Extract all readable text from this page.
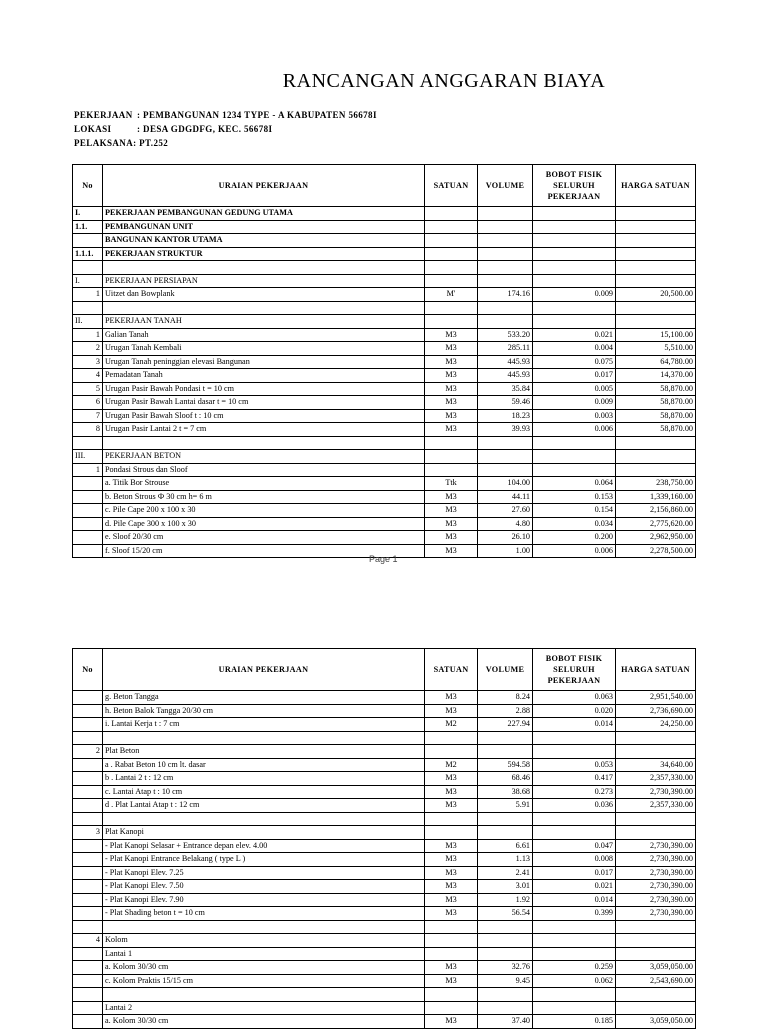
RANCANGAN ANGGARAN BIAYA
PEKERJAAN : PEMBANGUNAN 1234 TYPE - A KABUPATEN 56678I
LOKASI	: DESA GDGDFG, KEC. 56678I
PELAKSANA: PT.252
No	URAIAN PEKERJAAN	SATUAN	VOLUME	BOBOT FISIK SELURUH PEKERJAAN	HARGA SATUAN
I.	PEKERJAAN PEMBANGUNAN GEDUNG UTAMA				
1.1.	PEMBANGUNAN UNIT				
	BANGUNAN KANTOR UTAMA				
1.1.1.	PEKERJAAN STRUKTUR				

I.	PEKERJAAN PERSIAPAN				
1	Uitzet dan Bowplank	M'	174.16	0.009	20,500.00

II.	PEKERJAAN TANAH				
1	Galian Tanah	M3	533.20	0.021	15,100.00
2	Urugan Tanah Kembali	M3	285.11	0.004	5,510.00
3	Urugan Tanah peninggian elevasi Bangunan	M3	445.93	0.075	64,780.00
4	Pemadatan Tanah	M3	445.93	0.017	14,370.00
5	Urugan Pasir Bawah Pondasi t = 10 cm	M3	35.84	0.005	58,870.00
6	Urugan Pasir Bawah Lantai dasar t = 10 cm	M3	59.46	0.009	58,870.00
7	Urugan Pasir Bawah Sloof t : 10 cm	M3	18.23	0.003	58,870.00
8	Urugan Pasir Lantai 2 t = 7 cm	M3	39.93	0.006	58,870.00

III.	PEKERJAAN BETON				
1	Pondasi Strous dan Sloof				
	a. Titik Bor Strouse	Ttk	104.00	0.064	238,750.00
	b. Beton Strous Ф 30 cm h= 6 m	M3	44.11	0.153	1,339,160.00
	c. Pile Cape 200 x 100 x 30	M3	27.60	0.154	2,156,860.00
	d. Pile Cape 300 x 100 x 30	M3	4.80	0.034	2,775,620.00
	e. Sloof 20/30 cm	M3	26.10	0.200	2,962,950.00
	f. Sloof 15/20 cm	M3	1.00	0.006	2,278,500.00
Page 1
No	URAIAN PEKERJAAN	SATUAN	VOLUME	BOBOT FISIK SELURUH PEKERJAAN	HARGA SATUAN
	g. Beton Tangga	M3	8.24	0.063	2,951,540.00
	h. Beton Balok Tangga 20/30 cm	M3	2.88	0.020	2,736,690.00
	i. Lantai Kerja t : 7 cm	M2	227.94	0.014	24,250.00

2	Plat Beton				
	a . Rabat Beton 10 cm lt. dasar	M2	594.58	0.053	34,640.00
	b . Lantai 2 t : 12 cm	M3	68.46	0.417	2,357,330.00
	c. Lantai Atap t : 10 cm	M3	38.68	0.273	2,730,390.00
	d . Plat Lantai Atap t : 12 cm	M3	5.91	0.036	2,357,330.00

3	Plat Kanopi				
	- Plat Kanopi Selasar + Entrance depan elev. 4.00	M3	6.61	0.047	2,730,390.00
	- Plat Kanopi Entrance Belakang ( type L )	M3	1.13	0.008	2,730,390.00
	- Plat Kanopi Elev. 7.25	M3	2.41	0.017	2,730,390.00
	- Plat Kanopi Elev. 7.50	M3	3.01	0.021	2,730,390.00
	- Plat Kanopi Elev. 7.90	M3	1.92	0.014	2,730,390.00
	- Plat Shading beton t = 10 cm	M3	56.54	0.399	2,730,390.00

4	Kolom				
	Lantai 1				
	a. Kolom 30/30 cm	M3	32.76	0.259	3,059,050.00
	c. Kolom Praktis 15/15 cm	M3	9.45	0.062	2,543,690.00

	Lantai 2				
	a. Kolom 30/30 cm	M3	37.40	0.185	3,059,050.00
